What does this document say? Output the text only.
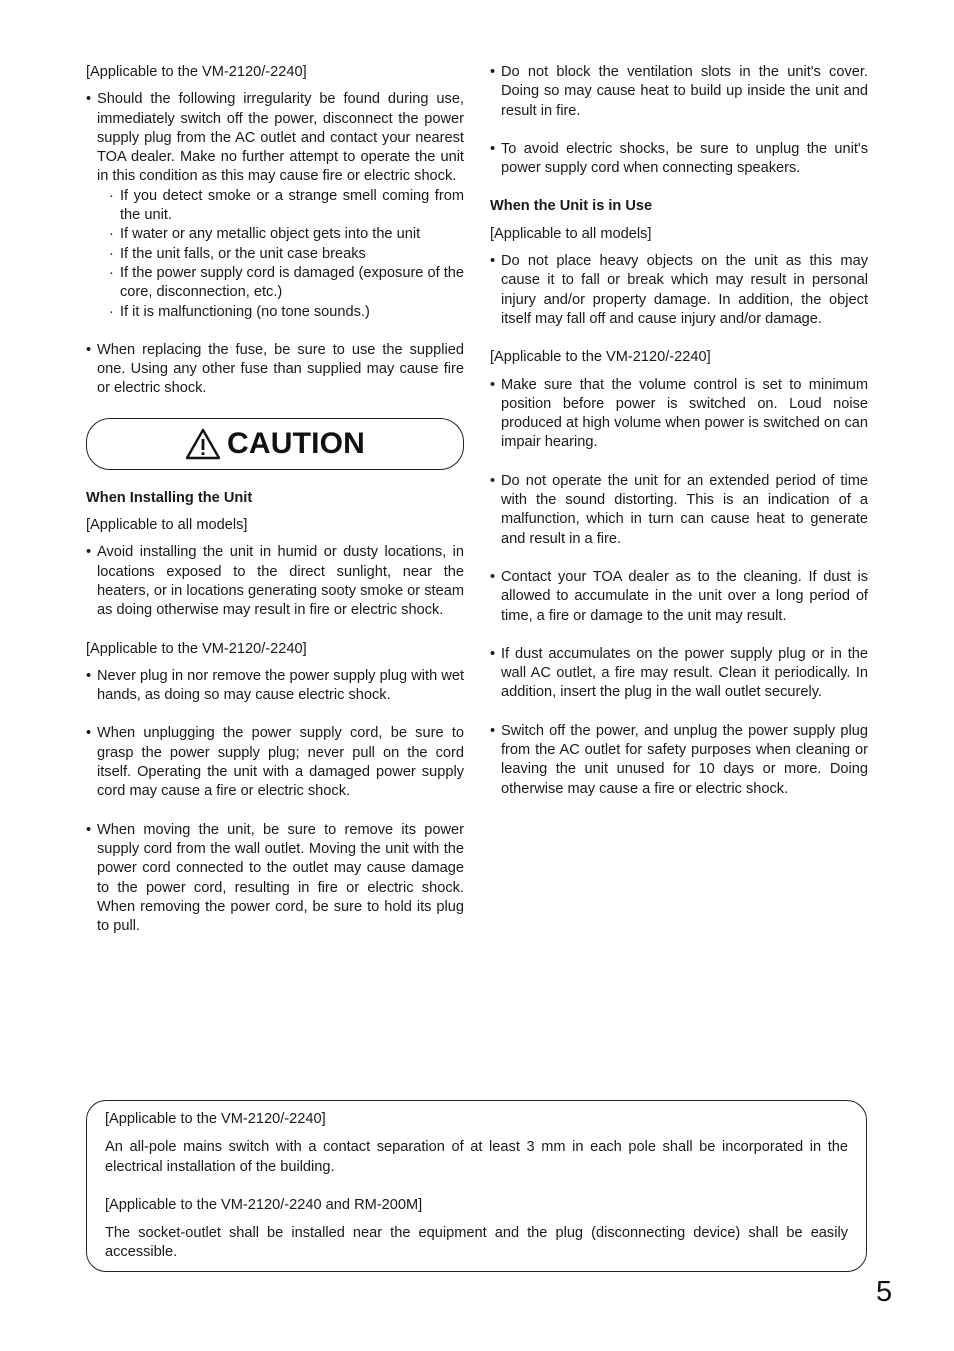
[Applicable to the VM-2120/-2240]

• Should the following irregularity be found during use, immediately switch off the power, disconnect the power supply plug from the AC outlet and contact your nearest TOA dealer. Make no further attempt to operate the unit in this condition as this may cause fire or electric shock.

· If you detect smoke or a strange smell coming from the unit.
· If water or any metallic object gets into the unit
· If the unit falls, or the unit case breaks
· If the power supply cord is damaged (exposure of the core, disconnection, etc.)
· If it is malfunctioning (no tone sounds.)
• When replacing the fuse, be sure to use the supplied one. Using any other fuse than supplied may cause fire or electric shock.
CAUTION

When Installing the Unit

[Applicable to all models]

• Avoid installing the unit in humid or dusty locations, in locations exposed to the direct sunlight, near the heaters, or in locations generating sooty smoke or steam as doing otherwise may result in fire or electric shock.

[Applicable to the VM-2120/-2240]

• Never plug in nor remove the power supply plug with wet hands, as doing so may cause electric shock.
• When unplugging the power supply cord, be sure to grasp the power supply plug; never pull on the cord itself. Operating the unit with a damaged power supply cord may cause a fire or electric shock.
• When moving the unit, be sure to remove its power supply cord from the wall outlet. Moving the unit with the power cord connected to the outlet may cause damage to the power cord, resulting in fire or electric shock. When removing the power cord, be sure to hold its plug to pull.
• Do not block the ventilation slots in the unit's cover. Doing so may cause heat to build up inside the unit and result in fire.
• To avoid electric shocks, be sure to unplug the unit's power supply cord when connecting speakers.

When the Unit is in Use

[Applicable to all models]

• Do not place heavy objects on the unit as this may cause it to fall or break which may result in personal injury and/or property damage. In addition, the object itself may fall off and cause injury and/or damage.

[Applicable to the VM-2120/-2240]

• Make sure that the volume control is set to minimum position before power is switched on. Loud noise produced at high volume when power is switched on can impair hearing.
• Do not operate the unit for an extended period of time with the sound distorting. This is an indication of a malfunction, which in turn can cause heat to generate and result in a fire.
• Contact your TOA dealer as to the cleaning. If dust is allowed to accumulate in the unit over a long period of time, a fire or damage to the unit may result.
• If dust accumulates on the power supply plug or in the wall AC outlet, a fire may result. Clean it periodically. In addition, insert the plug in the wall outlet securely.
• Switch off the power, and unplug the power supply plug from the AC outlet for safety purposes when cleaning or leaving the unit unused for 10 days or more. Doing otherwise may cause a fire or electric shock.

[Applicable to the VM-2120/-2240]

An all-pole mains switch with a contact separation of at least 3 mm in each pole shall be incorporated in the electrical installation of the building.

[Applicable to the VM-2120/-2240 and RM-200M]

The socket-outlet shall be installed near the equipment and the plug (disconnecting device) shall be easily accessible.

5
